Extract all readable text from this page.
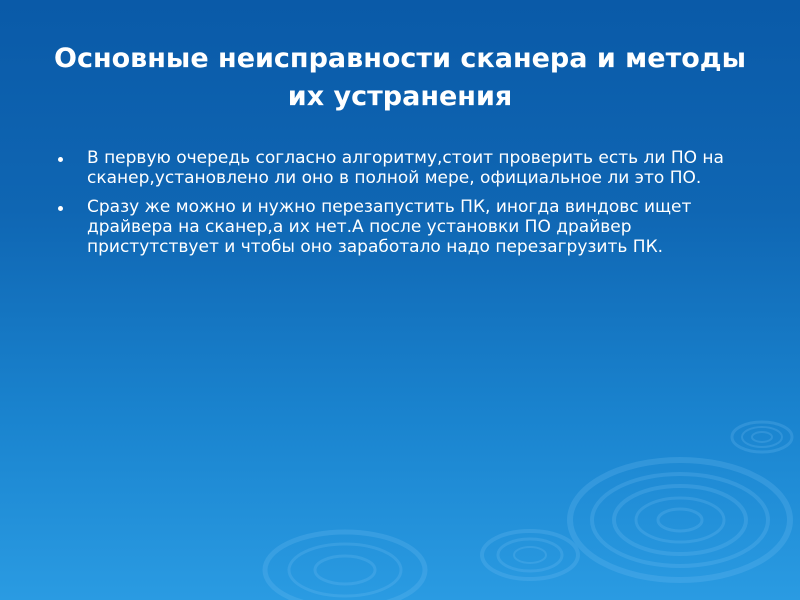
Основные неисправности сканера и методы их устранения
В первую очередь согласно алгоритму,стоит проверить есть ли ПО на сканер,установлено ли оно в полной мере, официальное ли это ПО.
Сразу же можно и нужно перезапустить ПК, иногда виндовс ищет драйвера на сканер,а их нет.А после установки ПО драйвер пристутствует и чтобы оно заработало надо перезагрузить ПК.
